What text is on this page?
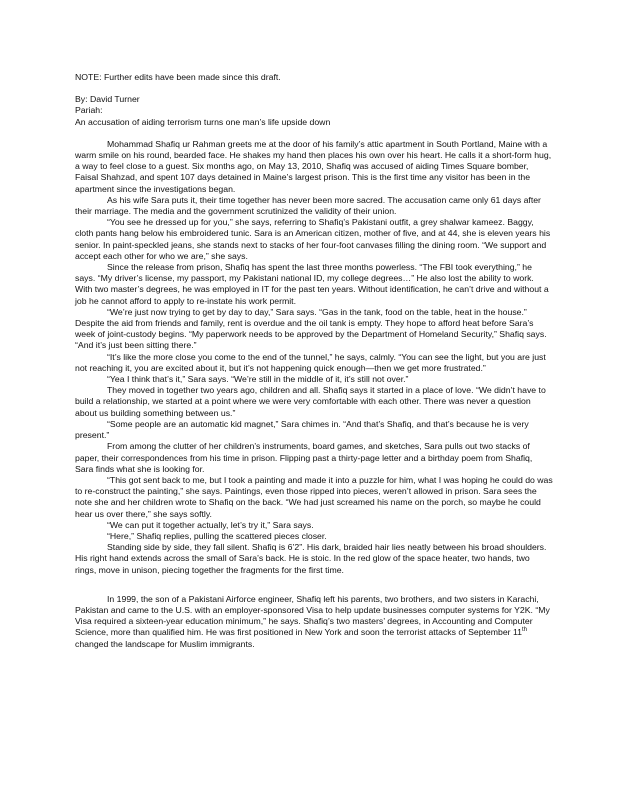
NOTE: Further edits have been made since this draft.

By: David Turner

Pariah:

An accusation of aiding terrorism turns one man’s life upside down

Mohammad Shafiq ur Rahman greets me at the door of his family’s attic apartment in South Portland, Maine with a warm smile on his round, bearded face. He shakes my hand then places his own over his heart. He calls it a short-form hug, a way to feel close to a guest. Six months ago, on May 13, 2010, Shafiq was accused of aiding Times Square bomber, Faisal Shahzad, and spent 107 days detained in Maine’s largest prison. This is the first time any visitor has been in the apartment since the investigations began.

As his wife Sara puts it, their time together has never been more sacred. The accusation came only 61 days after their marriage. The media and the government scrutinized the validity of their union.

“You see he dressed up for you,” she says, referring to Shafiq’s Pakistani outfit, a grey shalwar kameez. Baggy, cloth pants hang below his embroidered tunic. Sara is an American citizen, mother of five, and at 44, she is eleven years his senior. In paint-speckled jeans, she stands next to stacks of her four-foot canvases filling the dining room. “We support and accept each other for who we are,” she says.

Since the release from prison, Shafiq has spent the last three months powerless. “The FBI took everything,” he says. “My driver’s license, my passport, my Pakistani national ID, my college degrees…” He also lost the ability to work. With two master’s degrees, he was employed in IT for the past ten years. Without identification, he can’t drive and without a job he cannot afford to apply to re-instate his work permit.

“We’re just now trying to get by day to day,” Sara says. “Gas in the tank, food on the table, heat in the house.” Despite the aid from friends and family, rent is overdue and the oil tank is empty. They hope to afford heat before Sara’s week of joint-custody begins. “My paperwork needs to be approved by the Department of Homeland Security,” Shafiq says. “And it’s just been sitting there.”

“It’s like the more close you come to the end of the tunnel,” he says, calmly. “You can see the light, but you are just not reaching it, you are excited about it, but it’s not happening quick enough—then we get more frustrated.”

“Yea I think that’s it,” Sara says. “We’re still in the middle of it, it’s still not over.”

They moved in together two years ago, children and all. Shafiq says it started in a place of love. “We didn’t have to build a relationship, we started at a point where we were very comfortable with each other. There was never a question about us building something between us.”

“Some people are an automatic kid magnet,” Sara chimes in. “And that’s Shafiq, and that’s because he is very present.”

From among the clutter of her children’s instruments, board games, and sketches, Sara pulls out two stacks of paper, their correspondences from his time in prison. Flipping past a thirty-page letter and a birthday poem from Shafiq, Sara finds what she is looking for.

“This got sent back to me, but I took a painting and made it into a puzzle for him, what I was hoping he could do was to re-construct the painting,” she says. Paintings, even those ripped into pieces, weren’t allowed in prison. Sara sees the note she and her children wrote to Shafiq on the back. “We had just screamed his name on the porch, so maybe he could hear us over there,” she says softly.

“We can put it together actually, let’s try it,” Sara says.

“Here,” Shafiq replies, pulling the scattered pieces closer.

Standing side by side, they fall silent. Shafiq is 6’2”. His dark, braided hair lies neatly between his broad shoulders. His right hand extends across the small of Sara’s back. He is stoic. In the red glow of the space heater, two hands, two rings, move in unison, piecing together the fragments for the first time.

In 1999, the son of a Pakistani Airforce engineer, Shafiq left his parents, two brothers, and two sisters in Karachi, Pakistan and came to the U.S. with an employer-sponsored Visa to help update businesses computer systems for Y2K. “My Visa required a sixteen-year education minimum,” he says. Shafiq’s two masters’ degrees, in Accounting and Computer Science, more than qualified him. He was first positioned in New York and soon the terrorist attacks of September 11th changed the landscape for Muslim immigrants.
